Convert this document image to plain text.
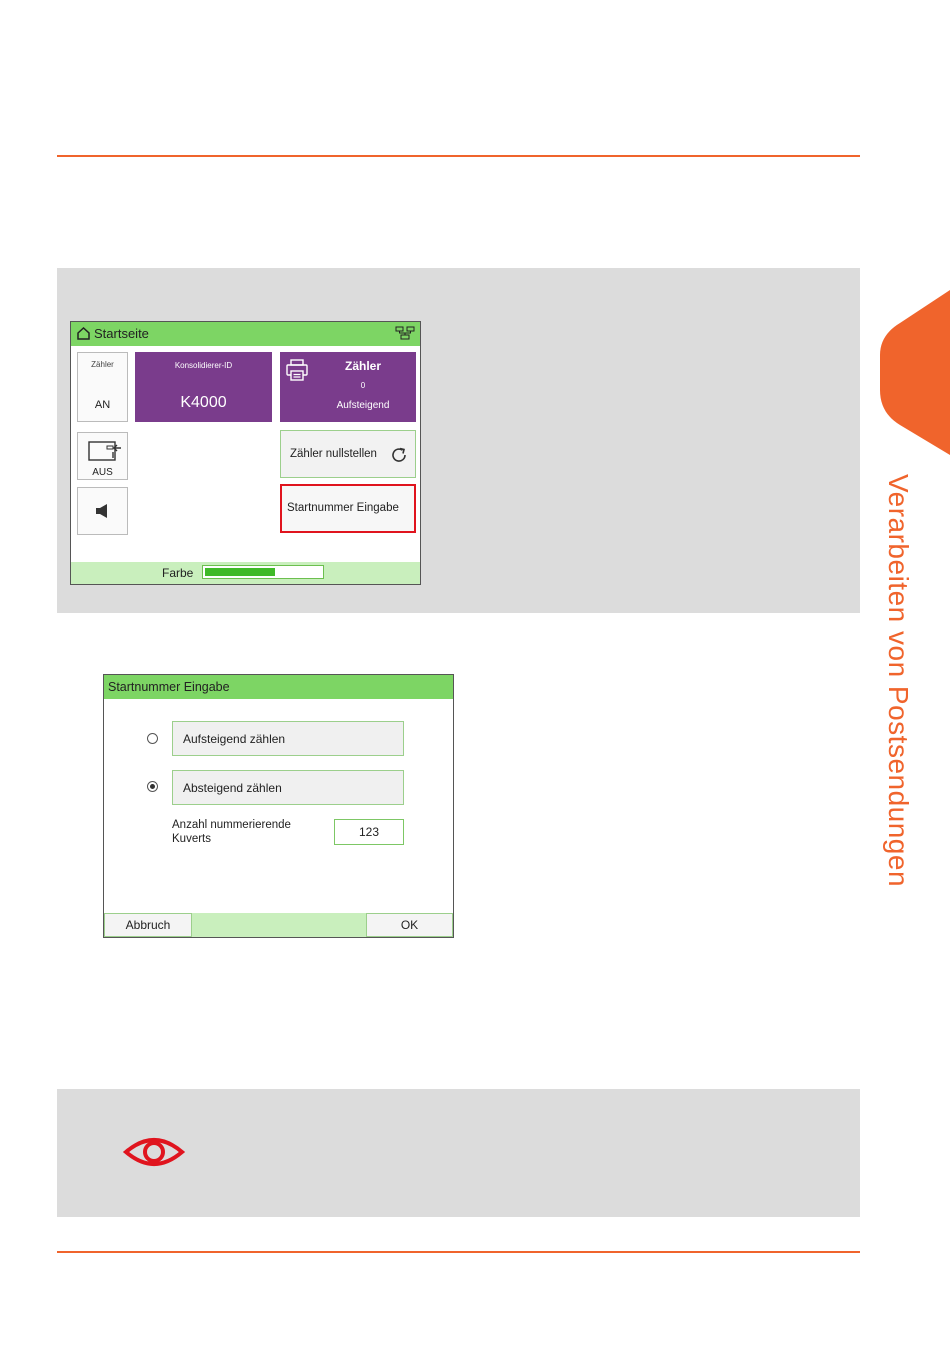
Verarbeiten von Postsendungen
Startseite
Zähler
AN
Konsolidierer-ID
K4000
Zähler
0
Aufsteigend
AUS
Zähler nullstellen
Startnummer Eingabe
Farbe
Startnummer Eingabe
Aufsteigend zählen
Absteigend zählen
Anzahl nummerierende Kuverts	123
Abbruch	OK
